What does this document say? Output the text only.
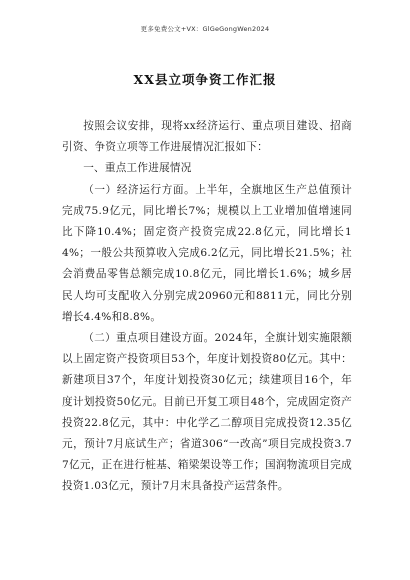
更多免费公文+VX：GlGeGongWen2024
XX县立项争资工作汇报

按照会议安排，现将xx经济运行、重点项目建设、招商引资、争资立项等工作进展情况汇报如下：

一、重点工作进展情况

（一）经济运行方面。上半年，全旗地区生产总值预计完成75.9亿元，同比增长7%；规模以上工业增加值增速同比下降10.4%；固定资产投资完成22.8亿元，同比增长14%；一般公共预算收入完成6.2亿元，同比增长21.5%；社会消费品零售总额完成10.8亿元，同比增长1.6%；城乡居民人均可支配收入分别完成20960元和8811元，同比分别增长4.4%和8.8%。

（二）重点项目建设方面。2024年，全旗计划实施限额以上固定资产投资项目53个，年度计划投资80亿元。其中：新建项目37个，年度计划投资30亿元；续建项目16个，年度计划投资50亿元。目前已开复工项目48个，完成固定资产投资22.8亿元，其中：中化学乙二醇项目完成投资12.35亿元，预计7月底试生产；省道306“一改高”项目完成投资3.77亿元，正在进行桩基、箱梁架设等工作；国润物流项目完成投资1.03亿元，预计7月末具备投产运营条件。
